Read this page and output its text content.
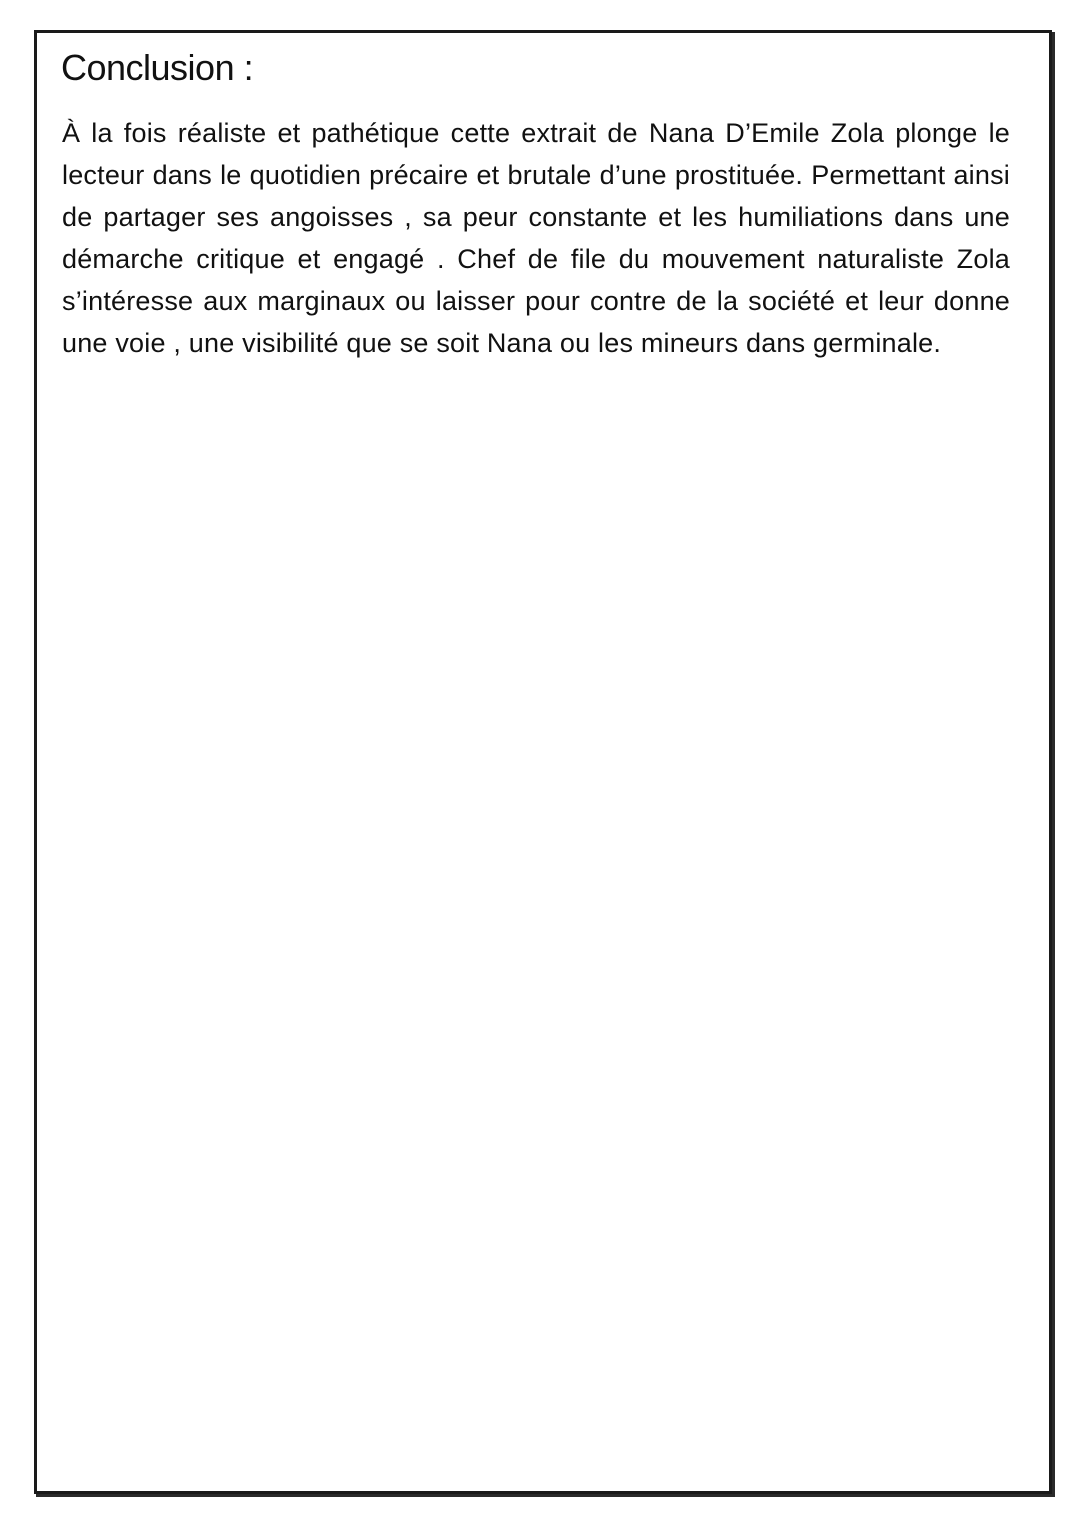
Conclusion :

À la fois réaliste et pathétique cette extrait de Nana D’Emile Zola plonge le lecteur dans le quotidien précaire et brutale d’une prostituée. Permettant ainsi de partager ses angoisses , sa peur constante et les humiliations dans une démarche critique et engagé . Chef de file du mouvement naturaliste Zola s’intéresse aux marginaux ou laisser pour contre de la société et leur donne une voie , une visibilité que se soit Nana ou les mineurs dans germinale.
